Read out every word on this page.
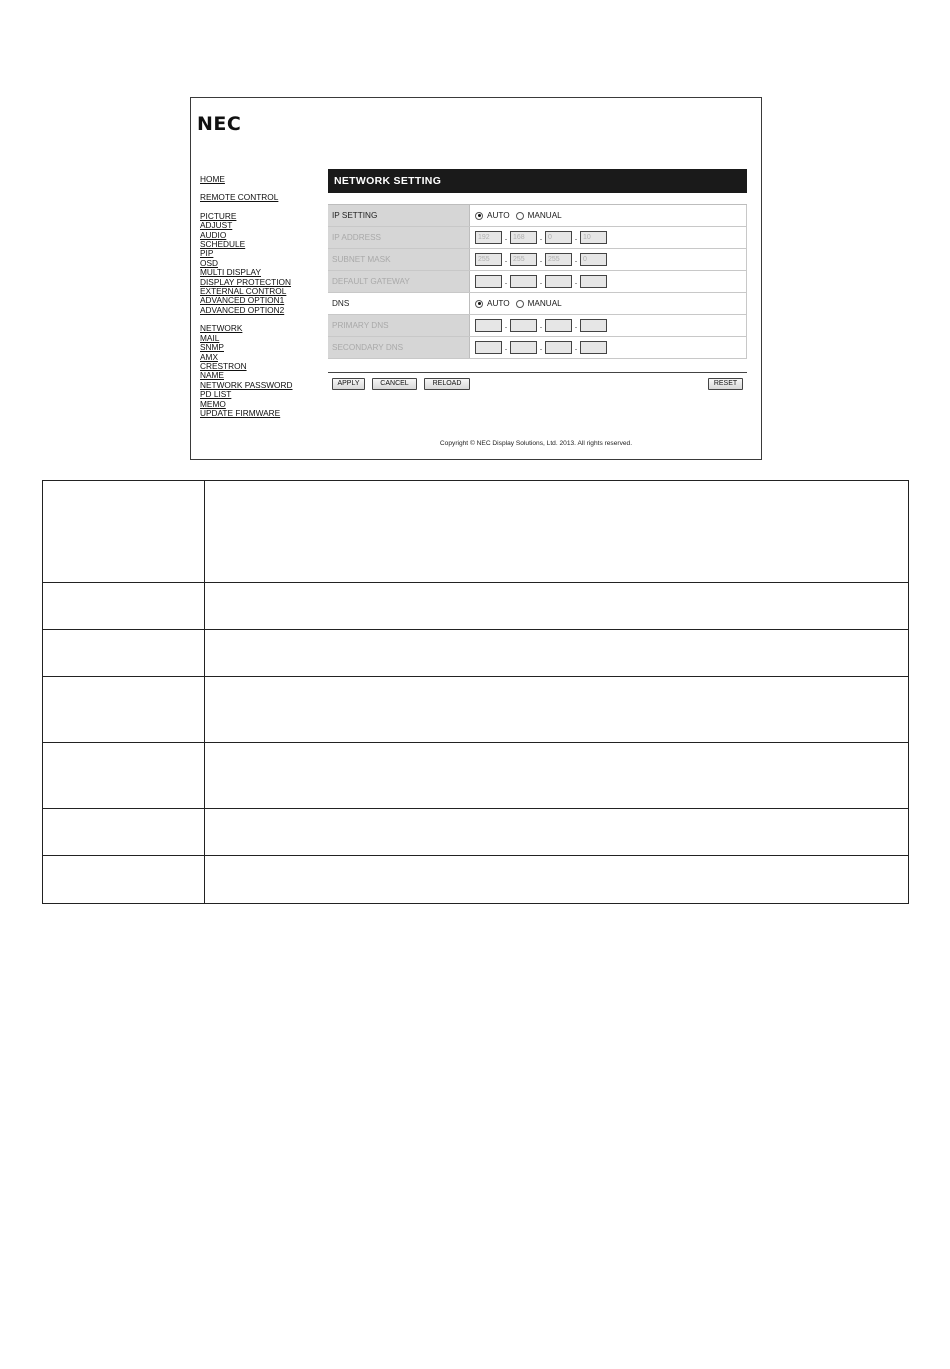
NEC
HOME
REMOTE CONTROL
PICTURE
ADJUST
AUDIO
SCHEDULE
PIP
OSD
MULTI DISPLAY
DISPLAY PROTECTION
EXTERNAL CONTROL
ADVANCED OPTION1
ADVANCED OPTION2
NETWORK
MAIL
SNMP
AMX
CRESTRON
NAME
NETWORK PASSWORD
PD LIST
MEMO
UPDATE FIRMWARE
NETWORK SETTING
IP SETTING	AUTO MANUAL
IP ADDRESS	192	. 168	. 0	. 10
SUBNET MASK	255	. 255	. 255	. 0
DEFAULT GATEWAY	.	.	.
DNS	AUTO MANUAL
PRIMARY DNS	.	.	.
SECONDARY DNS	.	.	.
APPLY	CANCEL	RELOAD	RESET
Copyright © NEC Display Solutions, Ltd. 2013. All rights reserved.
